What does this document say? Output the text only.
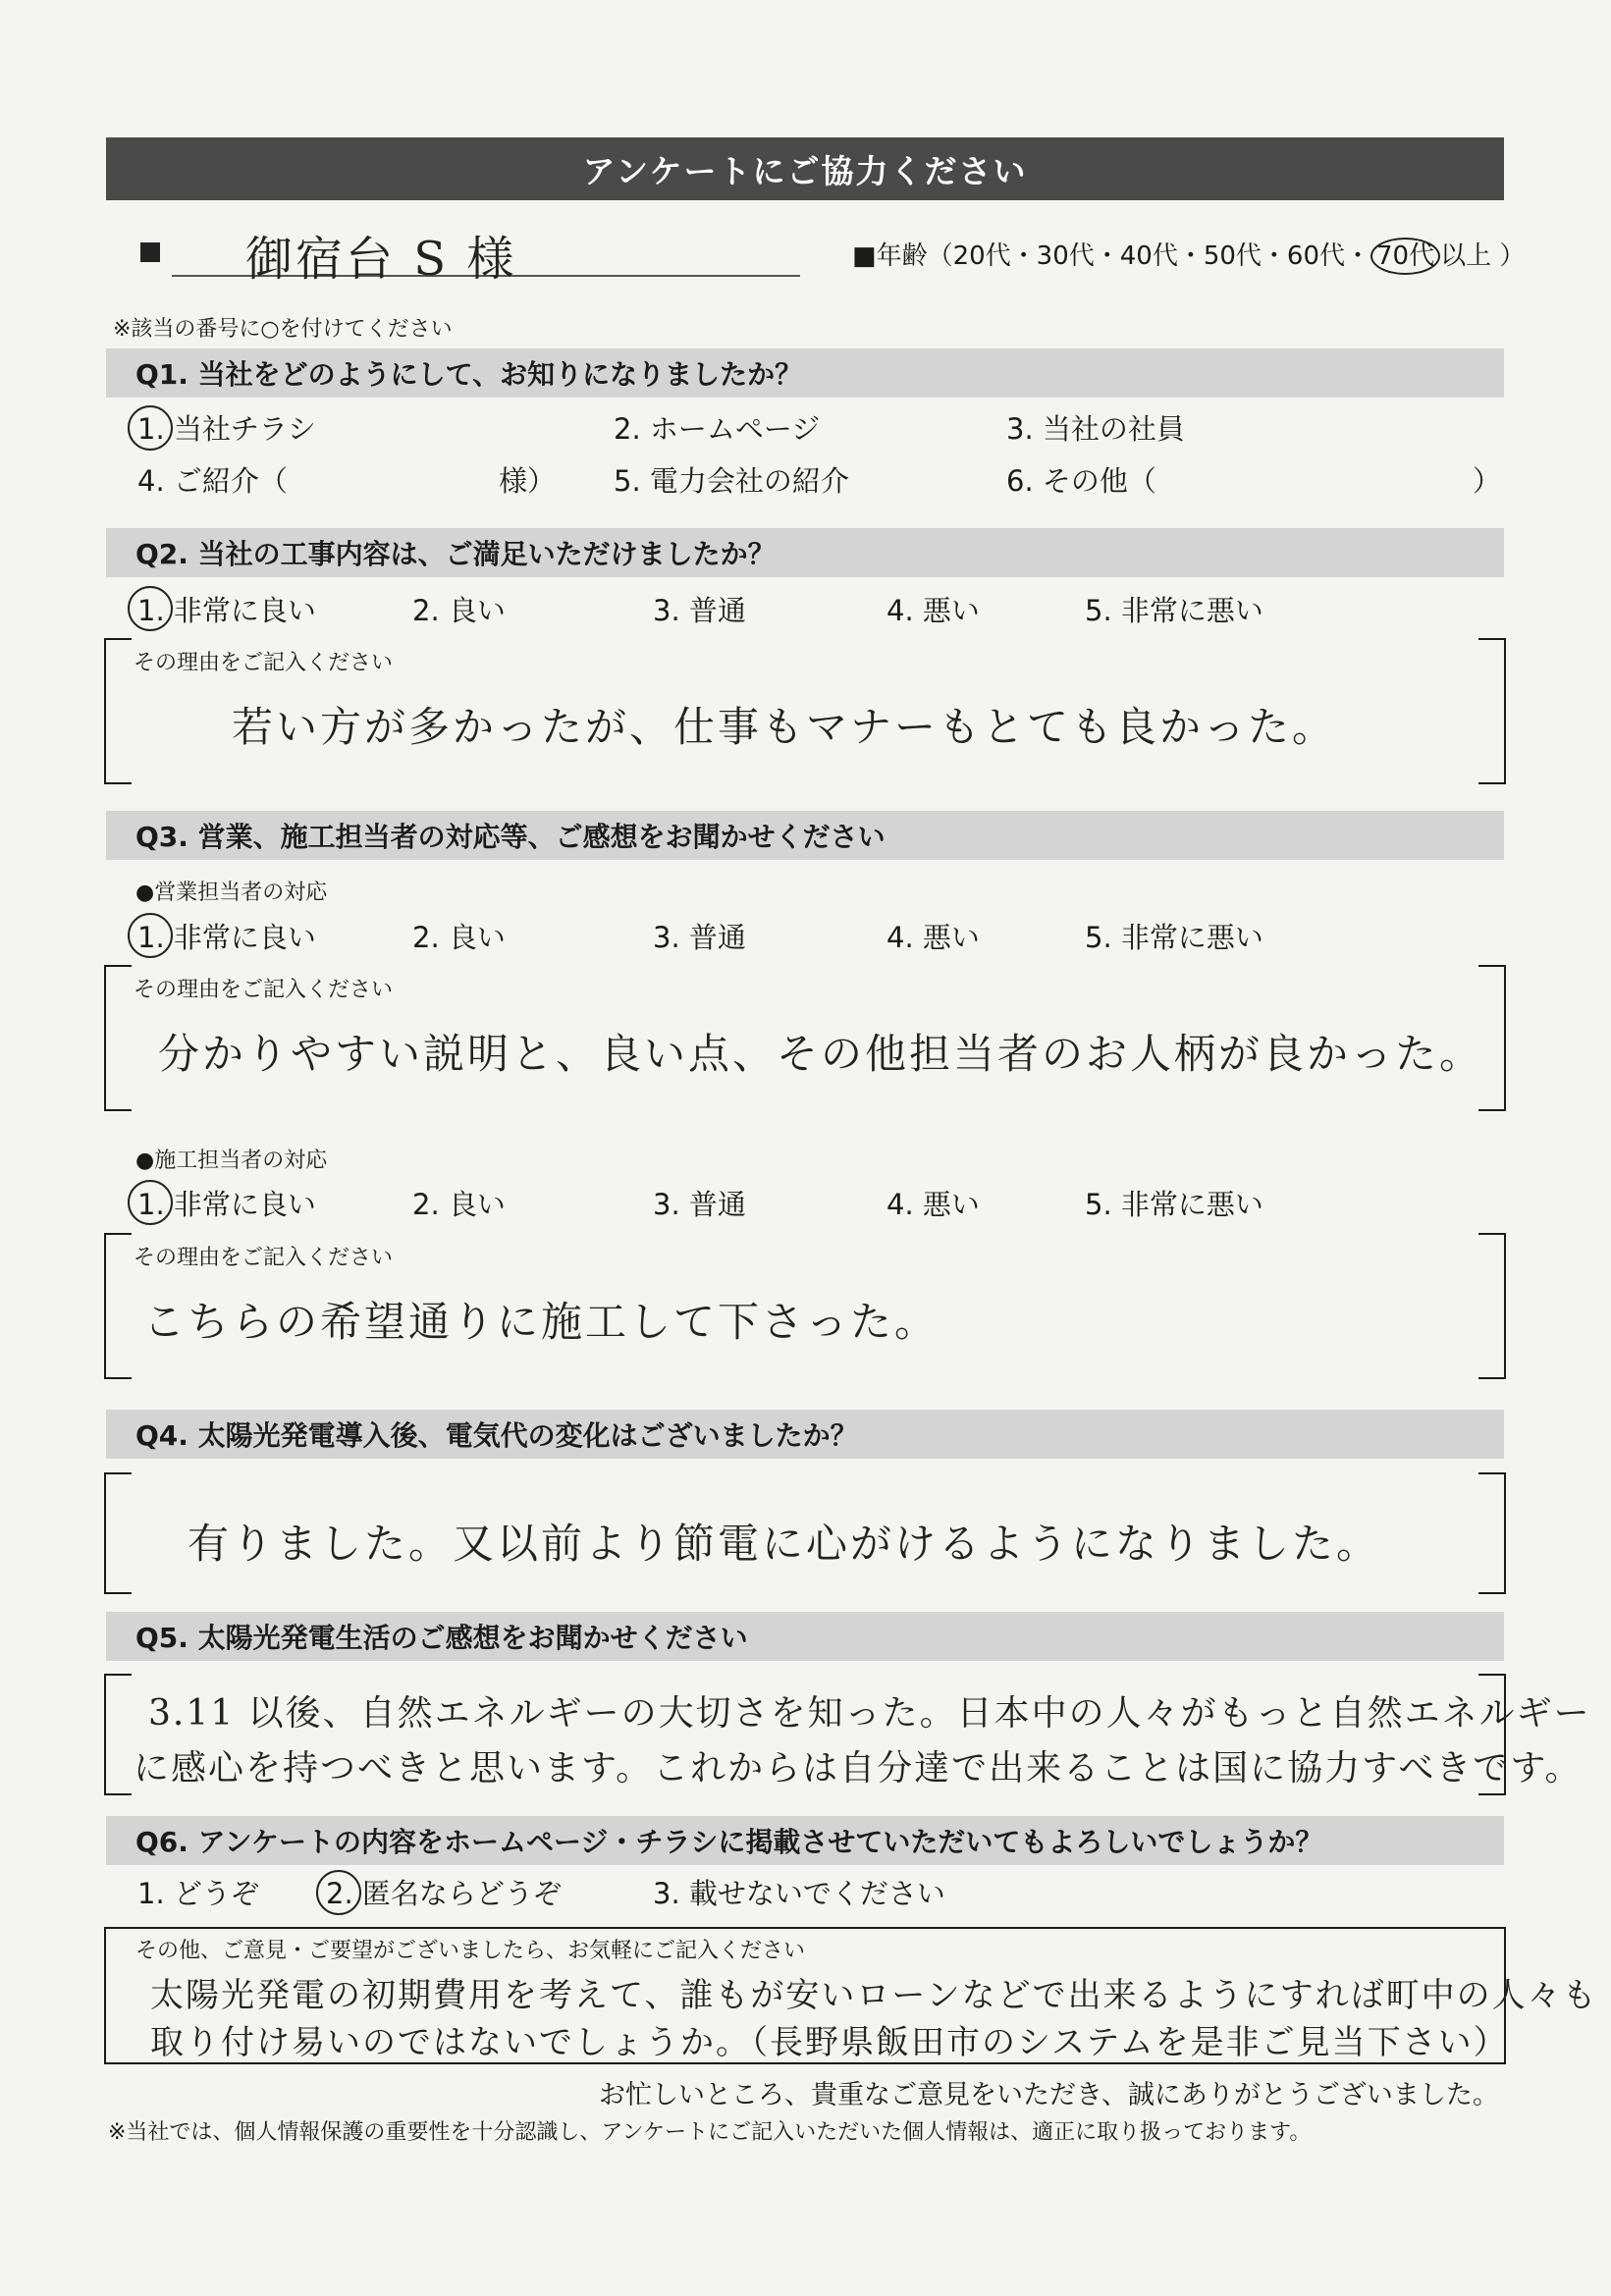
アンケートにご協力ください
御宿台 S 様	■年齢（20代・30代・40代・50代・60代・ 70代 以上 ）
※該当の番号に○を付けてください
Q1. 当社をどのようにして、お知りになりましたか？
1. 当社チラシ	2. ホームページ	3. 当社の社員
4. ご紹介（	様） 5. 電力会社の紹介	6. その他（	）
Q2. 当社の工事内容は、ご満足いただけましたか？
1. 非常に良い	2. 良い	3. 普通	4. 悪い	5. 非常に悪い
その理由をご記入ください
若い方が多かったが、仕事もマナーもとても良かった。
Q3. 営業、施工担当者の対応等、ご感想をお聞かせください
●営業担当者の対応
1. 非常に良い	2. 良い	3. 普通	4. 悪い	5. 非常に悪い
その理由をご記入ください
分かりやすい説明と、良い点、その他担当者のお人柄が良かった。
●施工担当者の対応
1. 非常に良い	2. 良い	3. 普通	4. 悪い	5. 非常に悪い
その理由をご記入ください
こちらの希望通りに施工して下さった。
Q4. 太陽光発電導入後、電気代の変化はございましたか？
有りました。又以前より節電に心がけるようになりました。
Q5. 太陽光発電生活のご感想をお聞かせください
3.11 以後、自然エネルギーの大切さを知った。日本中の人々がもっと自然エネルギー
に感心を持つべきと思います。これからは自分達で出来ることは国に協力すべきです。
Q6. アンケートの内容をホームページ・チラシに掲載させていただいてもよろしいでしょうか？
1. どうぞ 2. 匿名ならどうぞ	3. 載せないでください
その他、ご意見・ご要望がございましたら、お気軽にご記入ください
太陽光発電の初期費用を考えて、誰もが安いローンなどで出来るようにすれば町中の人々も
取り付け易いのではないでしょうか。（長野県飯田市のシステムを是非ご見当下さい）
お忙しいところ、貴重なご意見をいただき、誠にありがとうございました。
※当社では、個人情報保護の重要性を十分認識し、アンケートにご記入いただいた個人情報は、適正に取り扱っております。
